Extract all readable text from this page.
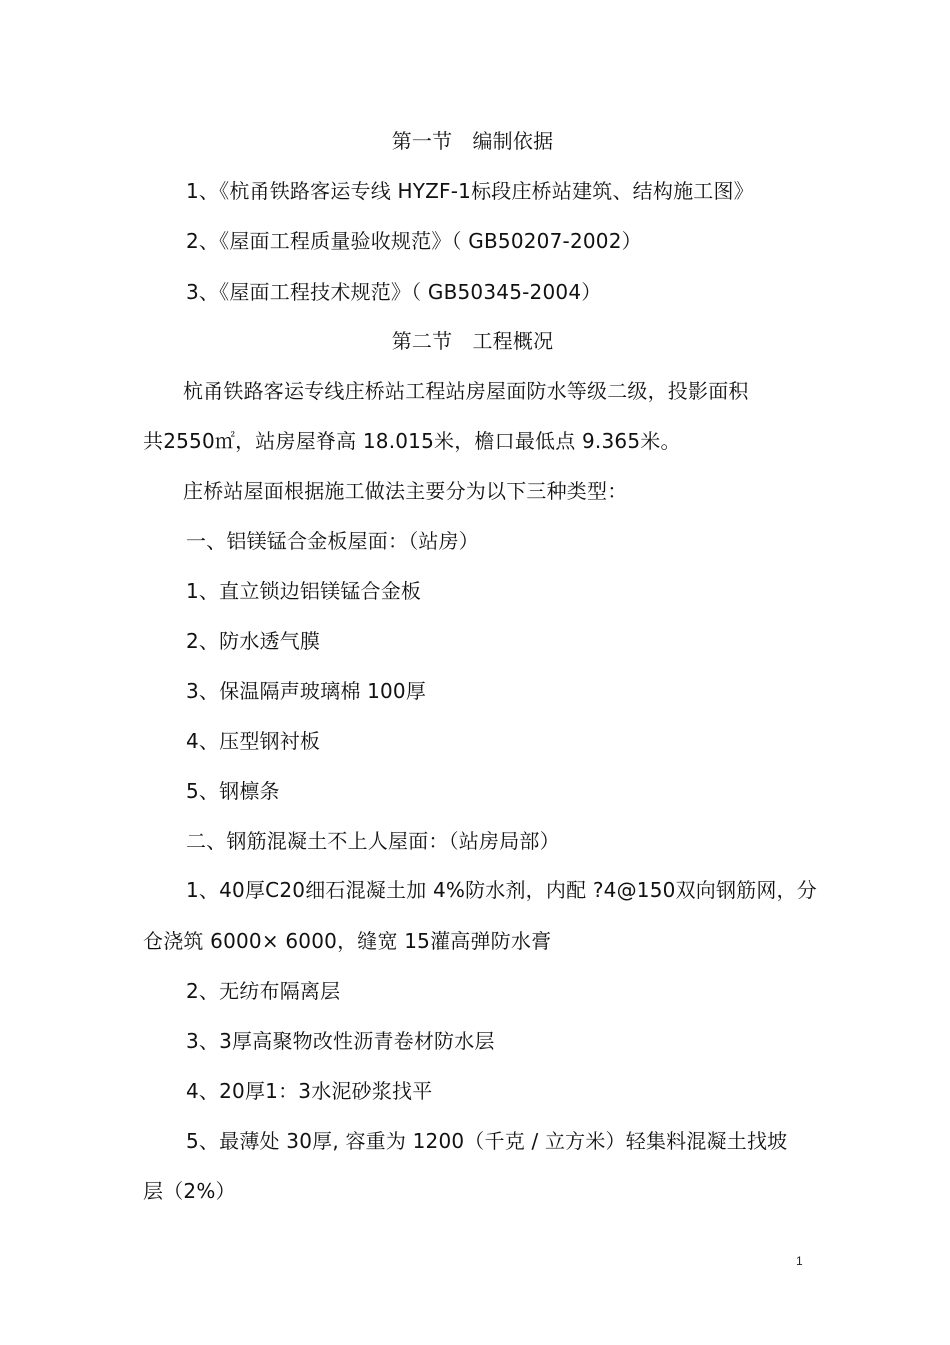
第一节　编制依据
1、《杭甬铁路客运专线 HYZF-1标段庄桥站建筑、结构施工图》
2、《屋面工程质量验收规范》（ GB50207-2002）
3、《屋面工程技术规范》（ GB50345-2004）
第二节　工程概况
杭甬铁路客运专线庄桥站工程站房屋面防水等级二级，投影面积
共2550㎡，站房屋脊高 18.015米，檐口最低点 9.365米。
庄桥站屋面根据施工做法主要分为以下三种类型：
一、铝镁锰合金板屋面：（站房）
1、直立锁边铝镁锰合金板
2、防水透气膜
3、保温隔声玻璃棉 100厚
4、压型钢衬板
5、钢檩条
二、钢筋混凝土不上人屋面：（站房局部）
1、40厚C20细石混凝土加 4%防水剂，内配 ?4@150双向钢筋网，分
仓浇筑 6000× 6000，缝宽 15灌高弹防水膏
2、无纺布隔离层
3、3厚高聚物改性沥青卷材防水层
4、20厚1：3水泥砂浆找平
5、最薄处 30厚, 容重为 1200（千克 / 立方米）轻集料混凝土找坡
层（2%）
1
